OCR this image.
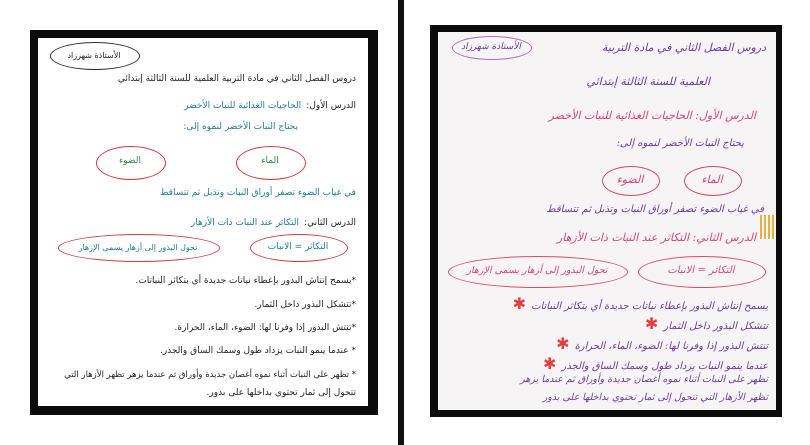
الأستاذة شهرزاد
دروس الفصل الثاني في مادة التربية العلمية للسنة الثالثة إبتدائي
الدرس الأول: الحاجيات الغذائية للنبات الأخضر
يحتاج النبات الأخضر لنموه إلى:
الضوء	الماء
في غياب الضوء تصفر أوراق النبات وتذبل ثم تتساقط
الدرس الثاني: التكاثر عند النبات ذات الأزهار
تحول البذور إلى أزهار يسمى الإزهار	التكاثر = الانبات
*يسمح إنتاش البذور بإعطاء نباتات جديدة أي بتكاثر النباتات.
*تتشكل البذور داخل الثمار.
*تنتش البذور إذا وفرنا لها: الضوء، الماء، الحرارة.
* عندما ينمو النبات يزداد طول وسمك الساق والجذر.
* تظهر على النبات أثناء نموه أغصان جديدة وأوراق ثم عندما يزهر تظهر الأزهار التي
تتحول إلى ثمار تحتوي بداخلها على بذور.
الأستاذة شهرزاد	دروس الفصل الثاني في مادة التربية
العلمية للسنة الثالثة إبتدائي
الدرس الأول: الحاجيات الغذائية للنبات الأخضر
يحتاج النبات الأخضر لنموه إلى:
الضوء	الماء
في غياب الضوء تصفر أوراق النبات وتذبل ثم تتساقط
الدرس الثاني: التكاثر عند النبات ذات الأزهار
تحول البذور إلى أزهار يسمى الإزهار	التكاثر = الانبات
يسمح إنتاش البذور بإعطاء نباتات جديدة أي بتكاثر النباتات ✱
تتشكل البذور داخل الثمار ✱
تنتش البذور إذا وفرنا لها: الضوء، الماء، الحرارة ✱
عندما ينمو النبات يزداد طول وسمك الساق والجذر ✱
تظهر على النبات أثناء نموه أغصان جديدة وأوراق ثم عندما يزهر
تظهر الأزهار التي تتحول إلى ثمار تحتوي بداخلها على بذور
